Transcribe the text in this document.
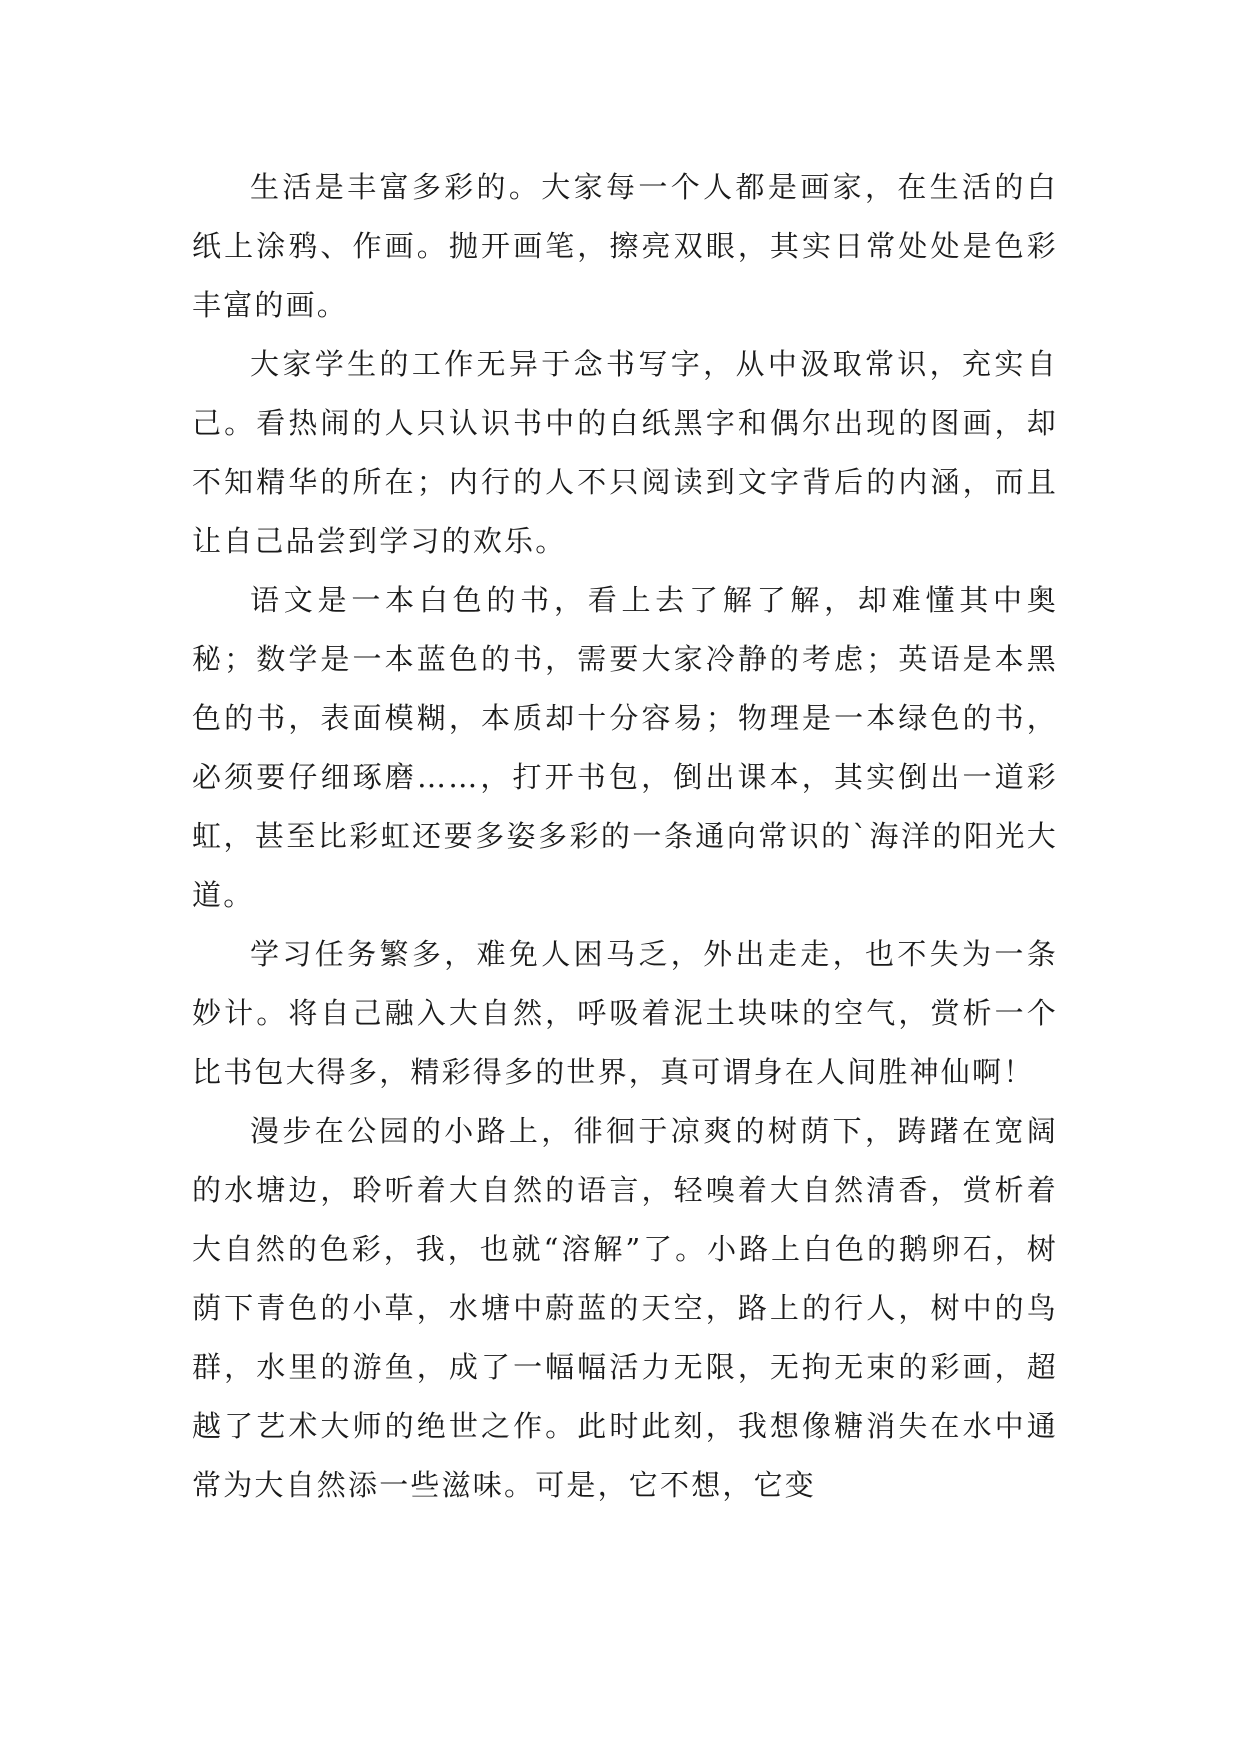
生活是丰富多彩的。大家每一个人都是画家，在生活的白纸上涂鸦、作画。抛开画笔，擦亮双眼，其实日常处处是色彩丰富的画。

大家学生的工作无异于念书写字，从中汲取常识，充实自己。看热闹的人只认识书中的白纸黑字和偶尔出现的图画，却不知精华的所在；内行的人不只阅读到文字背后的内涵，而且让自己品尝到学习的欢乐。

语文是一本白色的书，看上去了解了解，却难懂其中奥秘；数学是一本蓝色的书，需要大家冷静的考虑；英语是本黑色的书，表面模糊，本质却十分容易；物理是一本绿色的书，必须要仔细琢磨……，打开书包，倒出课本，其实倒出一道彩虹，甚至比彩虹还要多姿多彩的一条通向常识的`海洋的阳光大道。

学习任务繁多，难免人困马乏，外出走走，也不失为一条妙计。将自己融入大自然，呼吸着泥土块味的空气，赏析一个比书包大得多，精彩得多的世界，真可谓身在人间胜神仙啊！

漫步在公园的小路上，徘徊于凉爽的树荫下，踌躇在宽阔的水塘边，聆听着大自然的语言，轻嗅着大自然清香，赏析着大自然的色彩，我，也就“溶解”了。小路上白色的鹅卵石，树荫下青色的小草，水塘中蔚蓝的天空，路上的行人，树中的鸟群，水里的游鱼，成了一幅幅活力无限，无拘无束的彩画，超越了艺术大师的绝世之作。此时此刻，我想像糖消失在水中通常为大自然添一些滋味。可是，它不想，它变
